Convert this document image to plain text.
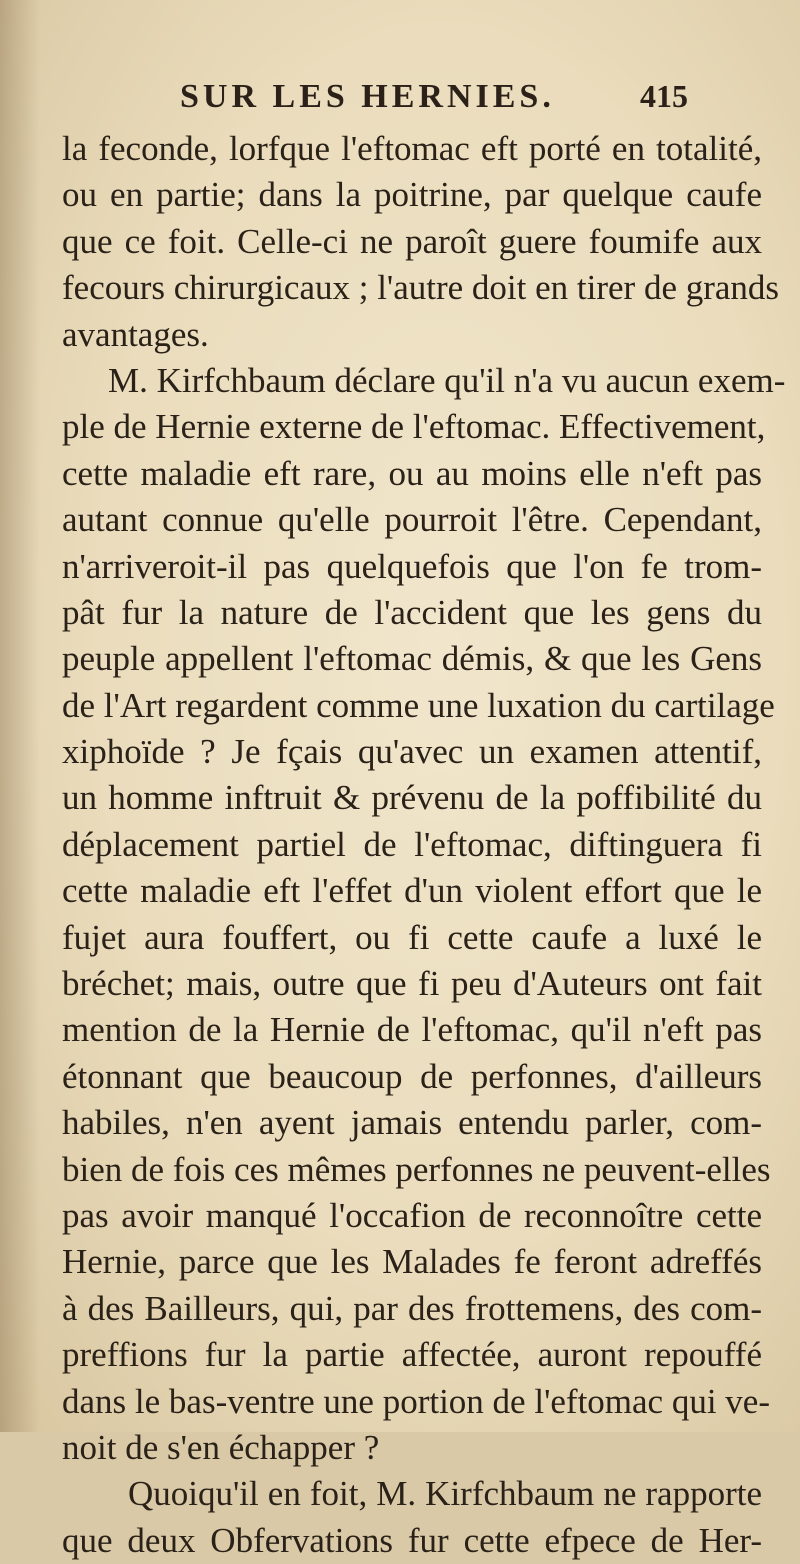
SUR LES HERNIES.	415
la feconde, lorfque l'eftomac eft porté en totalité,
ou en partie; dans la poitrine, par quelque caufe
que ce foit. Celle-ci ne paroît guere foumife aux
fecours chirurgicaux ; l'autre doit en tirer de grands
avantages.
M. Kirfchbaum déclare qu'il n'a vu aucun exem-
ple de Hernie externe de l'eftomac. Effectivement,
cette maladie eft rare, ou au moins elle n'eft pas
autant connue qu'elle pourroit l'être. Cependant,
n'arriveroit-il pas quelquefois que l'on fe trom-
pât fur la nature de l'accident que les gens du
peuple appellent l'eftomac démis, & que les Gens
de l'Art regardent comme une luxation du cartilage
xiphoïde ? Je fçais qu'avec un examen attentif,
un homme inftruit & prévenu de la poffibilité du
déplacement partiel de l'eftomac, diftinguera fi
cette maladie eft l'effet d'un violent effort que le
fujet aura fouffert, ou fi cette caufe a luxé le
bréchet; mais, outre que fi peu d'Auteurs ont fait
mention de la Hernie de l'eftomac, qu'il n'eft pas
étonnant que beaucoup de perfonnes, d'ailleurs
habiles, n'en ayent jamais entendu parler, com-
bien de fois ces mêmes perfonnes ne peuvent-elles
pas avoir manqué l'occafion de reconnoître cette
Hernie, parce que les Malades fe feront adreffés
à des Bailleurs, qui, par des frottemens, des com-
preffions fur la partie affectée, auront repouffé
dans le bas-ventre une portion de l'eftomac qui ve-
noit de s'en échapper ?
Quoiqu'il en foit, M. Kirfchbaum ne rapporte
que deux Obfervations fur cette efpece de Her-
